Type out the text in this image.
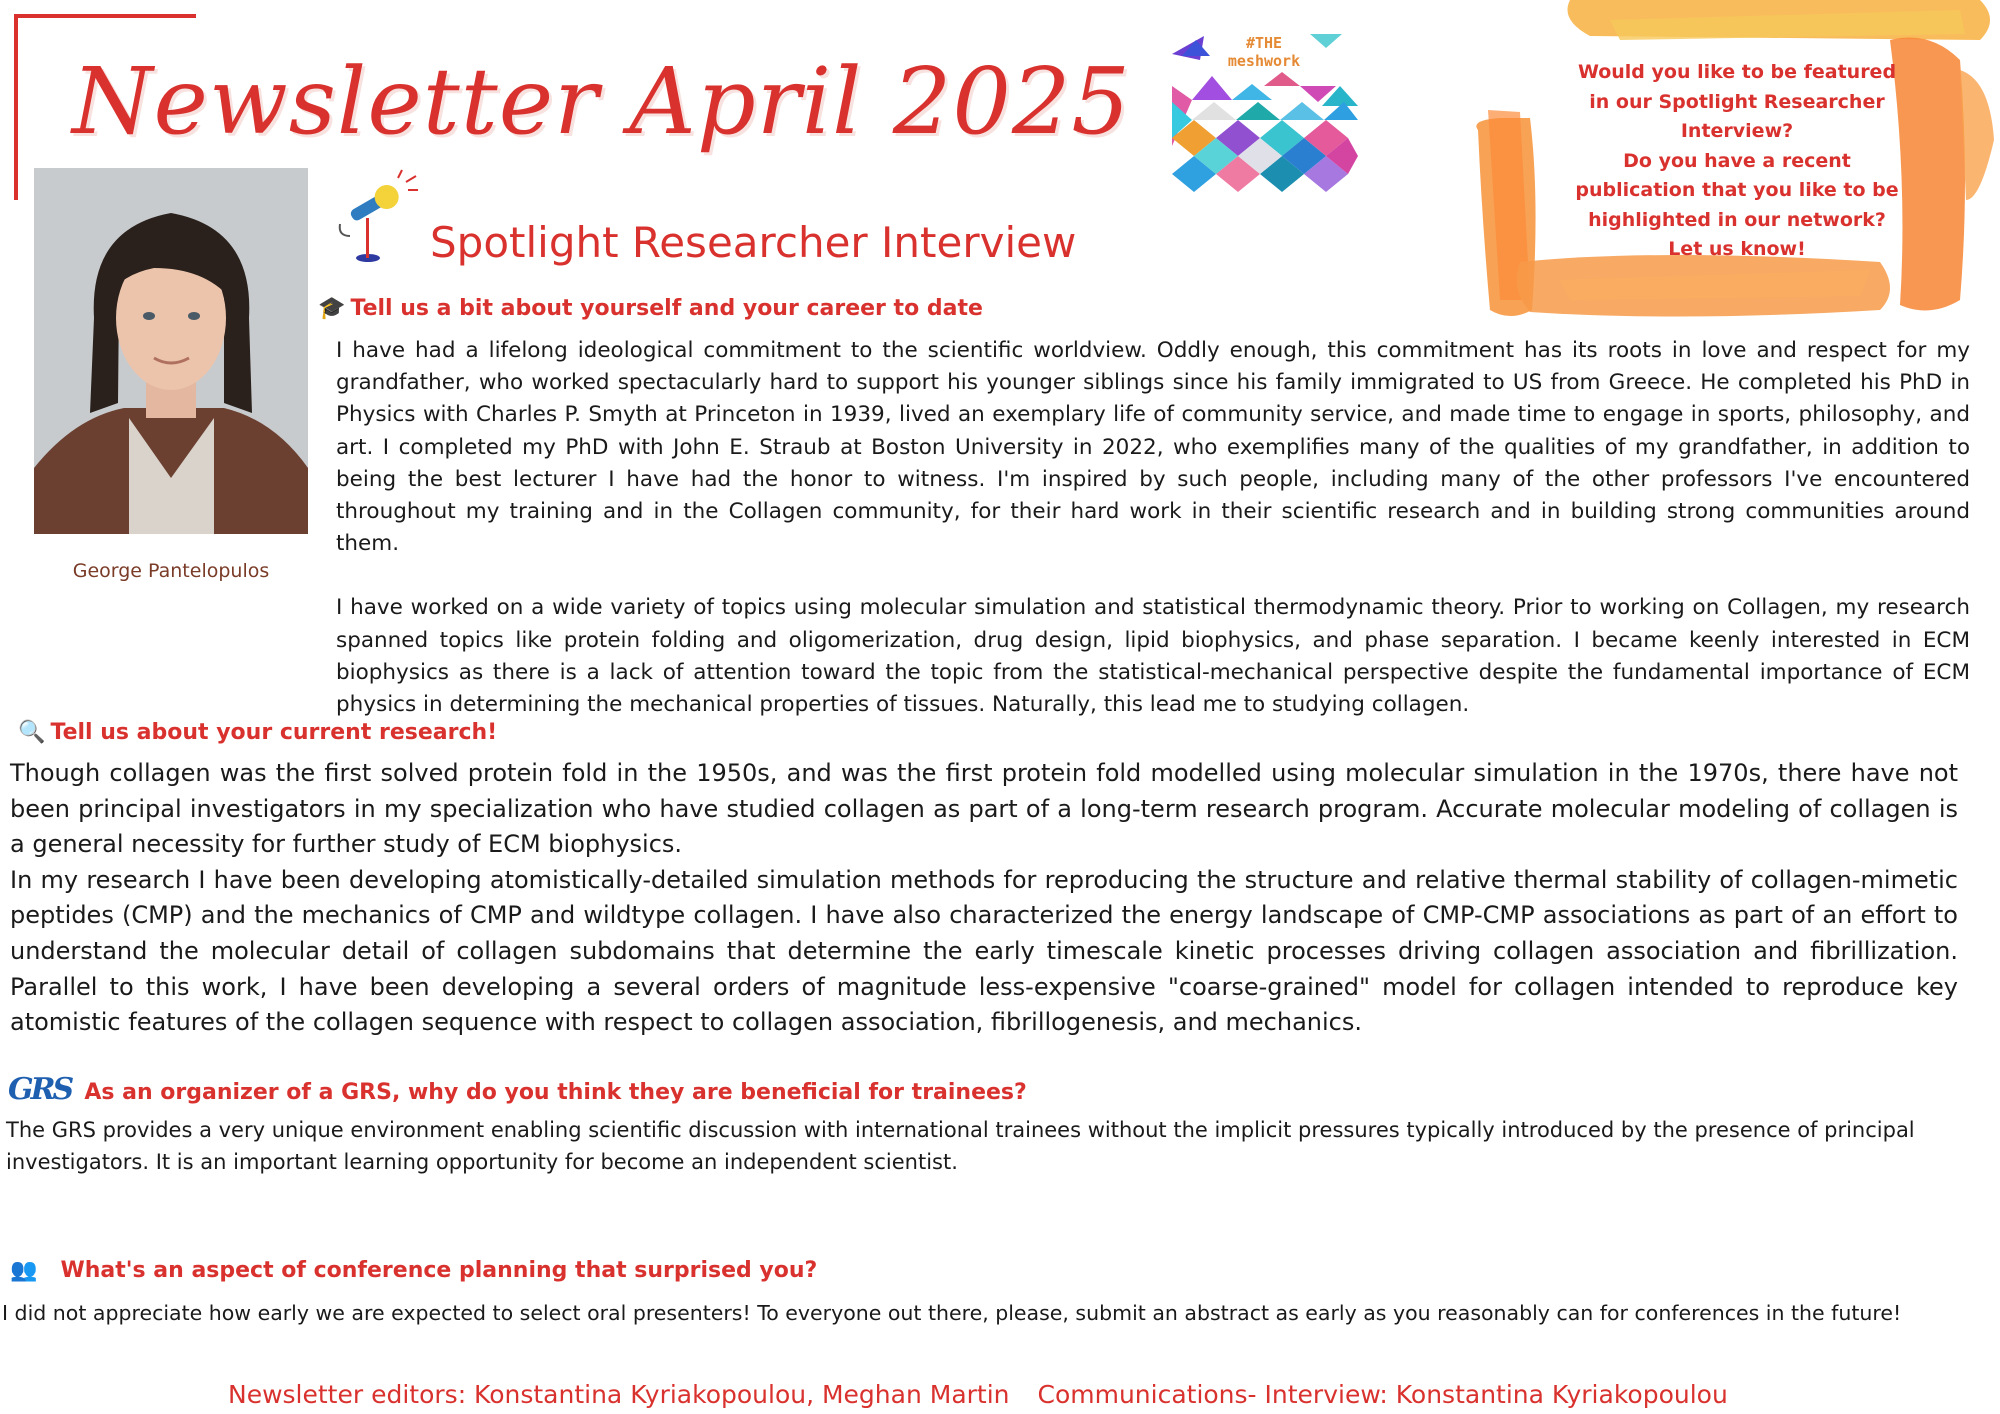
Newsletter April 2025
George Pantelopulos
Spotlight Researcher Interview
#THE
meshwork	Would you like to be featured
in our Spotlight Researcher
Interview?
Do you have a recent
publication that you like to be
highlighted in our network?
Let us know!
🎓 Tell us a bit about yourself and your career to date

I have had a lifelong ideological commitment to the scientific worldview. Oddly enough, this commitment has its roots in love and respect for my grandfather, who worked spectacularly hard to support his younger siblings since his family immigrated to US from Greece. He completed his PhD in Physics with Charles P. Smyth at Princeton in 1939, lived an exemplary life of community service, and made time to engage in sports, philosophy, and art. I completed my PhD with John E. Straub at Boston University in 2022, who exemplifies many of the qualities of my grandfather, in addition to being the best lecturer I have had the honor to witness. I'm inspired by such people, including many of the other professors I've encountered throughout my training and in the Collagen community, for their hard work in their scientific research and in building strong communities around them.

I have worked on a wide variety of topics using molecular simulation and statistical thermodynamic theory. Prior to working on Collagen, my research spanned topics like protein folding and oligomerization, drug design, lipid biophysics, and phase separation. I became keenly interested in ECM biophysics as there is a lack of attention toward the topic from the statistical-mechanical perspective despite the fundamental importance of ECM physics in determining the mechanical properties of tissues. Naturally, this lead me to studying collagen.

🔍 Tell us about your current research!

Though collagen was the first solved protein fold in the 1950s, and was the first protein fold modelled using molecular simulation in the 1970s, there have not been principal investigators in my specialization who have studied collagen as part of a long-term research program. Accurate molecular modeling of collagen is a general necessity for further study of ECM biophysics.

In my research I have been developing atomistically-detailed simulation methods for reproducing the structure and relative thermal stability of collagen-mimetic peptides (CMP) and the mechanics of CMP and wildtype collagen. I have also characterized the energy landscape of CMP-CMP associations as part of an effort to understand the molecular detail of collagen subdomains that determine the early timescale kinetic processes driving collagen association and fibrillization. Parallel to this work, I have been developing a several orders of magnitude less-expensive "coarse-grained" model for collagen intended to reproduce key atomistic features of the collagen sequence with respect to collagen association, fibrillogenesis, and mechanics.

GRS As an organizer of a GRS, why do you think they are beneficial for trainees?

The GRS provides a very unique environment enabling scientific discussion with international trainees without the implicit pressures typically introduced by the presence of principal investigators. It is an important learning opportunity for become an independent scientist.

👥 What's an aspect of conference planning that surprised you?

I did not appreciate how early we are expected to select oral presenters! To everyone out there, please, submit an abstract as early as you reasonably can for conferences in the future!

Newsletter editors: Konstantina Kyriakopoulou, Meghan Martin Communications- Interview: Konstantina Kyriakopoulou
